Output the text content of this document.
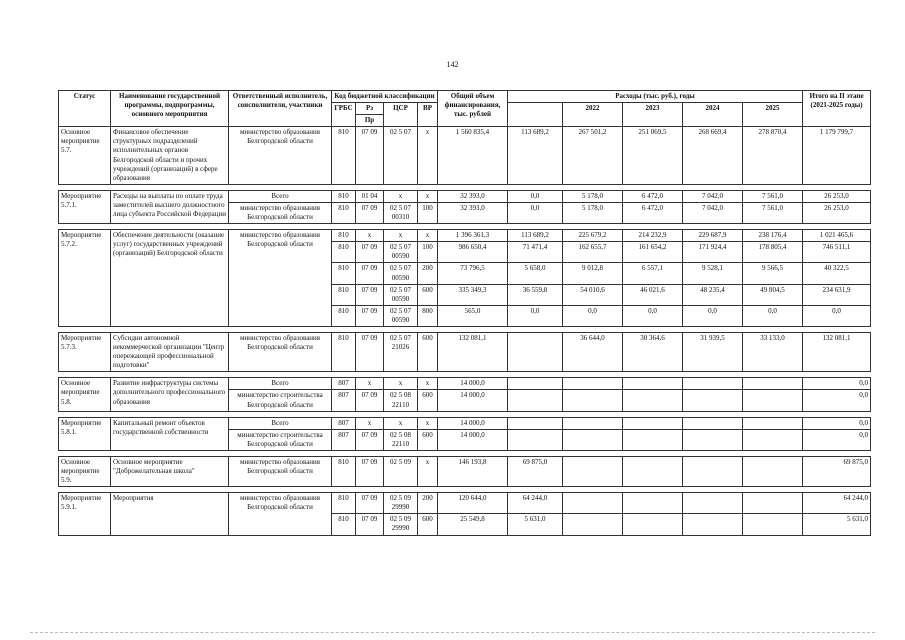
142
Статус	Наименование государственной программы, подпрограммы, основного мероприятия	Ответственный исполнитель, соисполнители, участники	Код бюджетной классификации				Общий объем финансирования, тыс. рублей	Расходы (тыс. руб.), годы					Итого на II этапе (2021-2025 годы)
			ГРБС	Рз	ЦСР	ВР			2022	2023	2024	2025	
				Пр									
Основное мероприятие 5.7.	Финансовое обеспечение структурных подразделений исполнительных органов Белгородской области и прочих учреждений (организаций) в сфере образования	министерство образования Белгородской области	810	07 09	02 5 07	x	1 560 835,4	113 689,2	267 501,2	251 069,5	268 669,4	278 870,4	1 179 799,7

Мероприятие 5.7.1.	Расходы на выплаты по оплате труда заместителей высшего должностного лица субъекта Российской Федерации	Всего	810	01 04	x	x	32 393,0	0,0	5 178,0	6 472,0	7 042,0	7 561,0	26 253,0
		министерство образования Белгородской области	810	07 09	02 5 07 00310	100	32 393,0	0,0	5 178,0	6 472,0	7 042,0	7 561,0	26 253,0

Мероприятие 5.7.2.	Обеспечение деятельности (оказание услуг) государственных учреждений (организаций) Белгородской области	министерство образования Белгородской области	810	x	x	x	1 396 361,3	113 689,2	225 679,2	214 232,9	229 687,9	238 176,4	1 021 465,6
			810	07 09	02 5 07 00590	100	986 650,4	71 471,4	162 655,7	161 654,2	171 924,4	178 805,4	746 511,1
			810	07 09	02 5 07 00590	200	73 796,5	5 658,0	9 012,8	6 557,1	9 528,1	9 566,5	40 322,5
			810	07 09	02 5 07 00590	600	335 349,3	36 559,8	54 010,6	46 021,6	48 235,4	49 804,5	234 631,9
			810	07 09	02 5 07 00590	800	565,0	0,0	0,0	0,0	0,0	0,0	0,0

Мероприятие 5.7.3.	Субсидии автономной некоммерческой организации "Центр опережающей профессиональной подготовки"	министерство образования Белгородской области	810	07 09	02 5 07 21026	600	132 081,1		36 644,0	30 364,6	31 939,5	33 133,0	132 081,1

Основное мероприятие 5.8.	Развитие инфраструктуры системы дополнительного профессионального образования	Всего	807	x	x	x	14 000,0						0,0
		министерство строительства Белгородской области	807	07 09	02 5 08 22110	600	14 000,0						0,0

Мероприятие 5.8.1.	Капитальный ремонт объектов государственной собственности	Всего	807	x	x	x	14 000,0						0,0
		министерство строительства Белгородской области	807	07 09	02 5 08 22110	600	14 000,0						0,0

Основное мероприятие 5.9.	Основное мероприятие "Доброжелательная школа"	министерство образования Белгородской области	810	07 09	02 5 09	x	146 193,8	69 875,0					69 875,0

Мероприятие 5.9.1.	Мероприятия	министерство образования Белгородской области	810	07 09	02 5 09 29990	200	120 644,0	64 244,0					64 244,0
			810	07 09	02 5 09 29990	600	25 549,8	5 631,0					5 631,0
